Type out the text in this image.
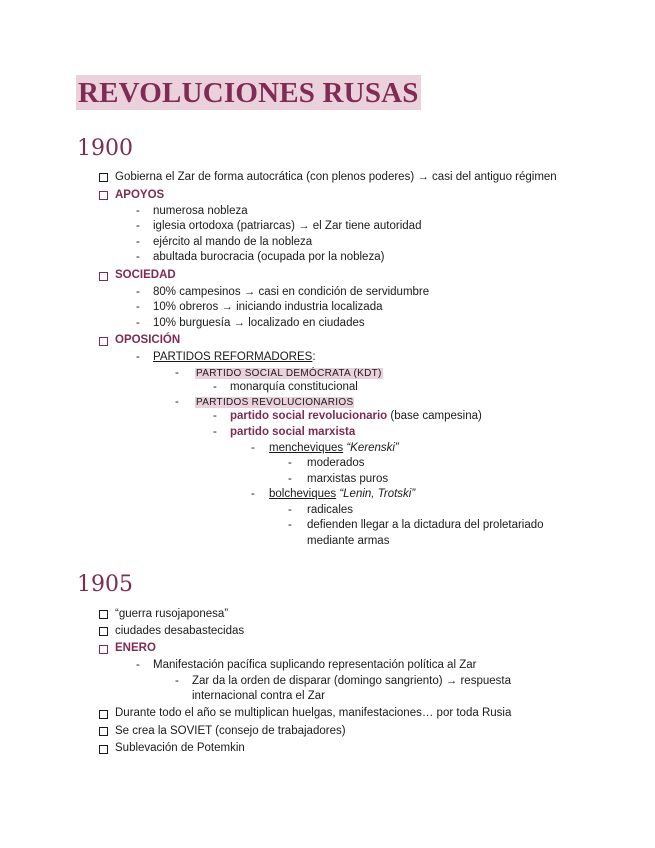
REVOLUCIONES RUSAS
1900
Gobierna el Zar de forma autocrática (con plenos poderes) → casi del antiguo régimen
APOYOS
- numerosa nobleza
- iglesia ortodoxa (patriarcas) → el Zar tiene autoridad
- ejército al mando de la nobleza
- abultada burocracia (ocupada por la nobleza)
SOCIEDAD
- 80% campesinos → casi en condición de servidumbre
- 10% obreros → iniciando industria localizada
- 10% burguesía → localizado en ciudades
OPOSICIÓN
- PARTIDOS REFORMADORES:
- PARTIDO SOCIAL DEMÓCRATA (KDT)
- monarquía constitucional
- PARTIDOS REVOLUCIONARIOS
- partido social revolucionario (base campesina)
- partido social marxista
- mencheviques “Kerenski”
- moderados
- marxistas puros
- bolcheviques “Lenin, Trotski”
- radicales
- defienden llegar a la dictadura del proletariado
mediante armas
1905
“guerra rusojaponesa”
ciudades desabastecidas
ENERO
- Manifestación pacífica suplicando representación política al Zar
- Zar da la orden de disparar (domingo sangriento) → respuesta
internacional contra el Zar
Durante todo el año se multiplican huelgas, manifestaciones… por toda Rusia
Se crea la SOVIET (consejo de trabajadores)
Sublevación de Potemkin
